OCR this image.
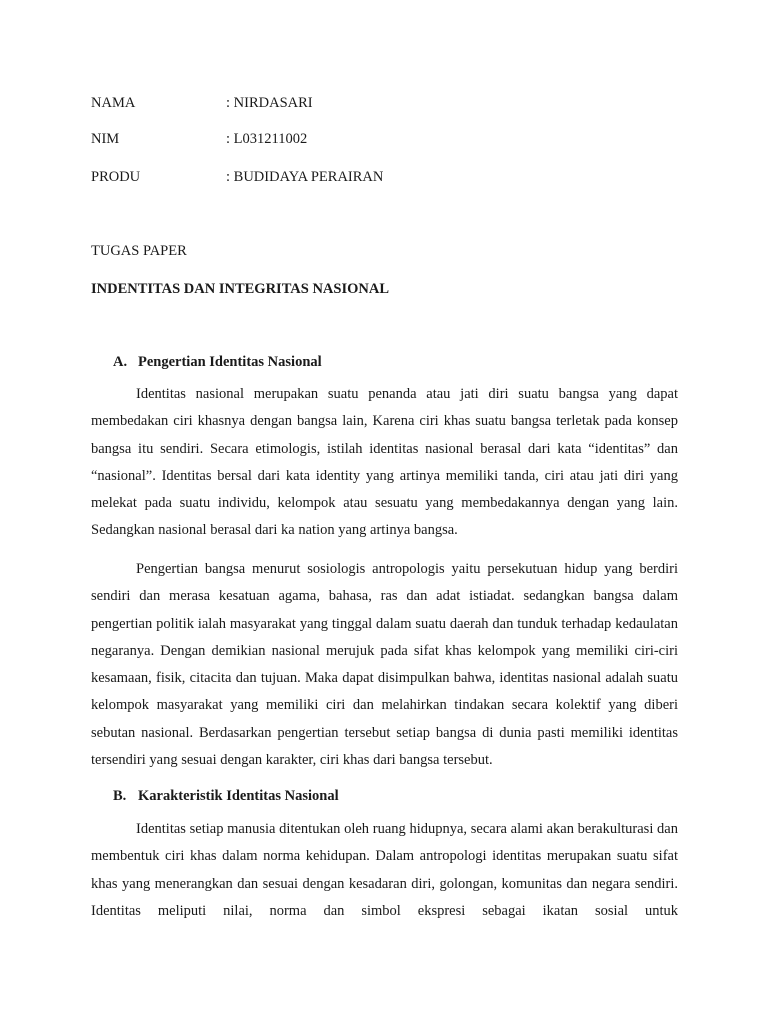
NAMA	: NIRDASARI
NIM	: L031211002
PRODU	: BUDIDAYA PERAIRAN
TUGAS PAPER
INDENTITAS DAN INTEGRITAS NASIONAL
A. Pengertian Identitas Nasional

Identitas nasional merupakan suatu penanda atau jati diri suatu bangsa yang dapat membedakan ciri khasnya dengan bangsa lain, Karena ciri khas suatu bangsa terletak pada konsep bangsa itu sendiri. Secara etimologis, istilah identitas nasional berasal dari kata “identitas” dan “nasional”. Identitas bersal dari kata identity yang artinya memiliki tanda, ciri atau jati diri yang melekat pada suatu individu, kelompok atau sesuatu yang membedakannya dengan yang lain. Sedangkan nasional berasal dari ka nation yang artinya bangsa.

Pengertian bangsa menurut sosiologis antropologis yaitu persekutuan hidup yang berdiri sendiri dan merasa kesatuan agama, bahasa, ras dan adat istiadat. sedangkan bangsa dalam pengertian politik ialah masyarakat yang tinggal dalam suatu daerah dan tunduk terhadap kedaulatan negaranya. Dengan demikian nasional merujuk pada sifat khas kelompok yang memiliki ciri-ciri kesamaan, fisik, citacita dan tujuan. Maka dapat disimpulkan bahwa, identitas nasional adalah suatu kelompok masyarakat yang memiliki ciri dan melahirkan tindakan secara kolektif yang diberi sebutan nasional. Berdasarkan pengertian tersebut setiap bangsa di dunia pasti memiliki identitas tersendiri yang sesuai dengan karakter, ciri khas dari bangsa tersebut.

B. Karakteristik Identitas Nasional

Identitas setiap manusia ditentukan oleh ruang hidupnya, secara alami akan berakulturasi dan membentuk ciri khas dalam norma kehidupan. Dalam antropologi identitas merupakan suatu sifat khas yang menerangkan dan sesuai dengan kesadaran diri, golongan, komunitas dan negara sendiri. Identitas meliputi nilai, norma dan simbol ekspresi sebagai ikatan sosial untuk
